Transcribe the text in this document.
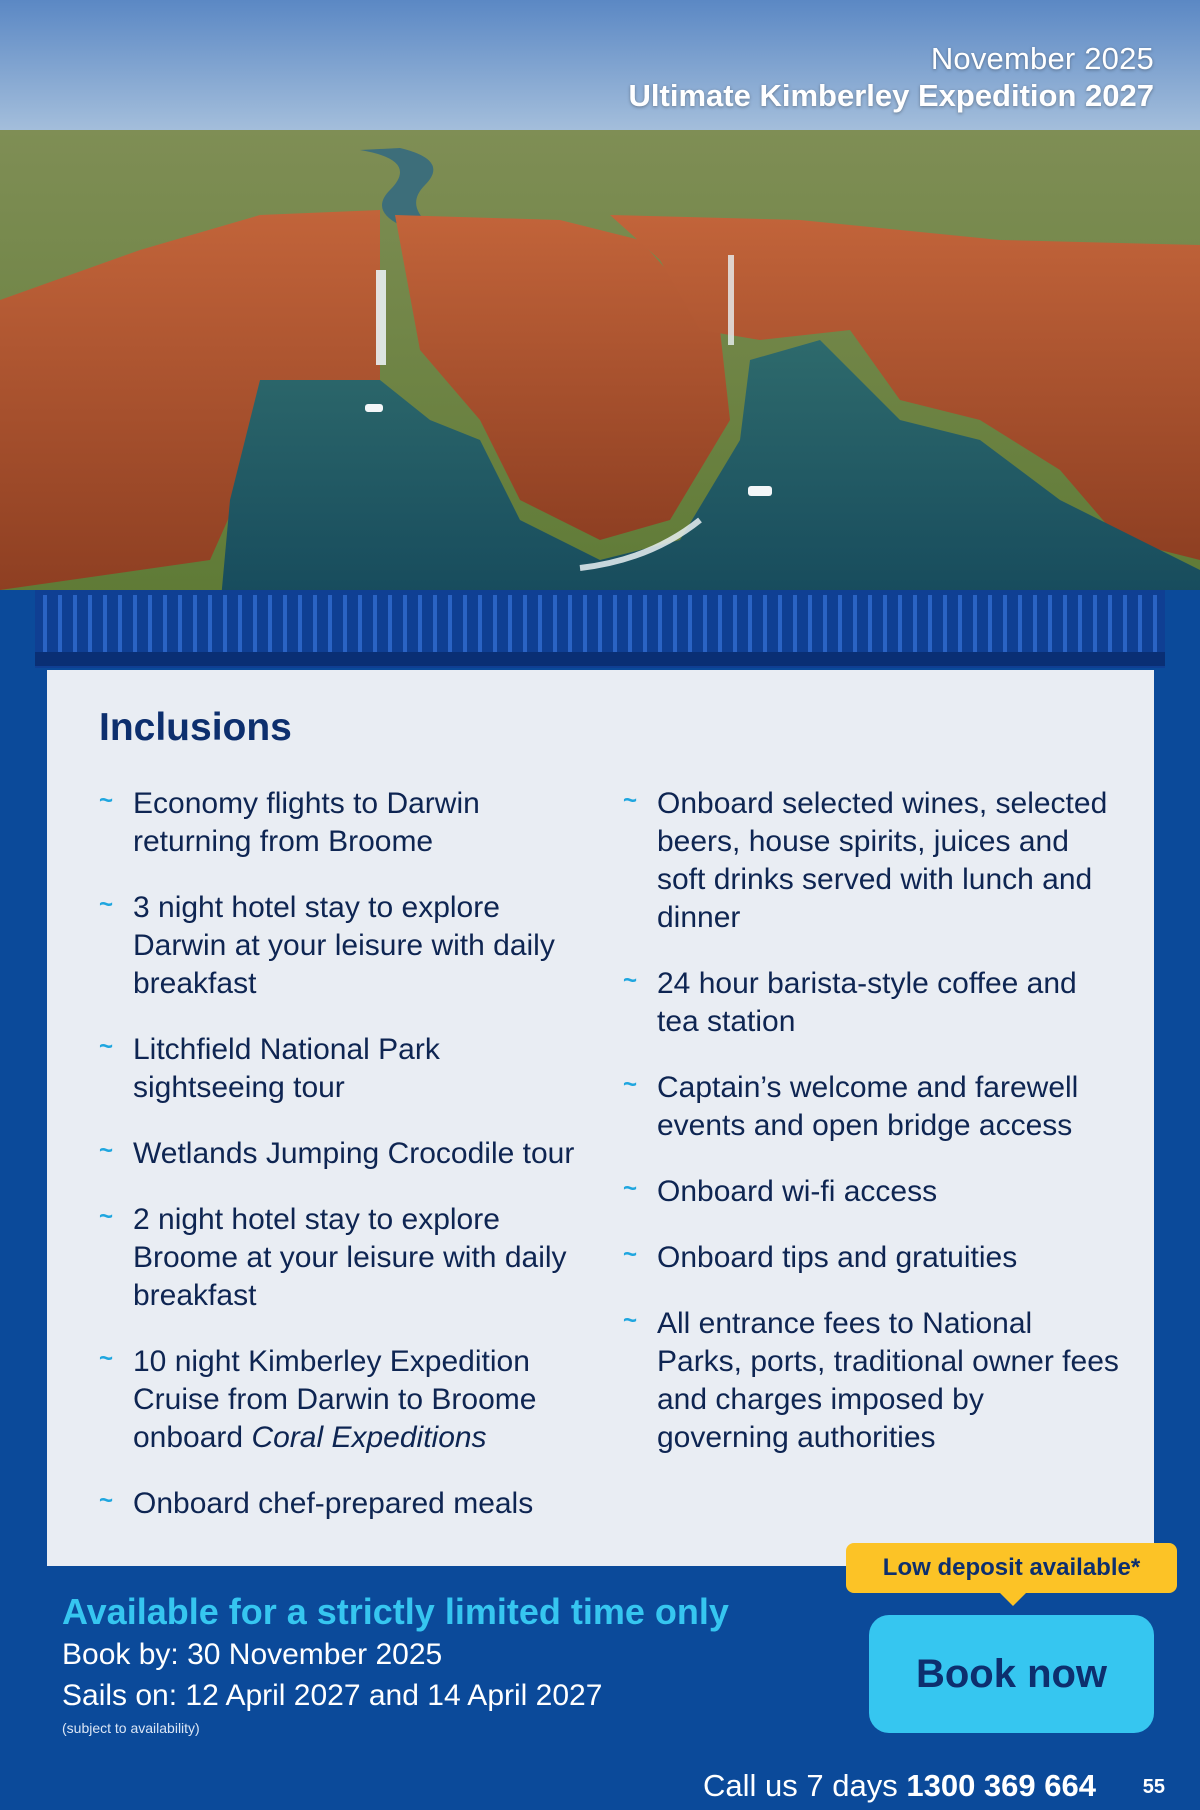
November 2025
Ultimate Kimberley Expedition 2027
Inclusions
~ Economy flights to Darwin returning from Broome
~ 3 night hotel stay to explore Darwin at your leisure with daily breakfast
~ Litchfield National Park sightseeing tour
~ Wetlands Jumping Crocodile tour
~ 2 night hotel stay to explore Broome at your leisure with daily breakfast
~ 10 night Kimberley Expedition Cruise from Darwin to Broome onboard Coral Expeditions
~ Onboard chef-prepared meals
~ Onboard selected wines, selected beers, house spirits, juices and soft drinks served with lunch and dinner
~ 24 hour barista-style coffee and tea station
~ Captain’s welcome and farewell events and open bridge access
~ Onboard wi-fi access
~ Onboard tips and gratuities
~ All entrance fees to National Parks, ports, traditional owner fees and charges imposed by governing authorities
Available for a strictly limited time only
Book by: 30 November 2025
Sails on: 12 April 2027 and 14 April 2027
(subject to availability)
Low deposit available*
Book now
Call us 7 days 1300 369 664 55
